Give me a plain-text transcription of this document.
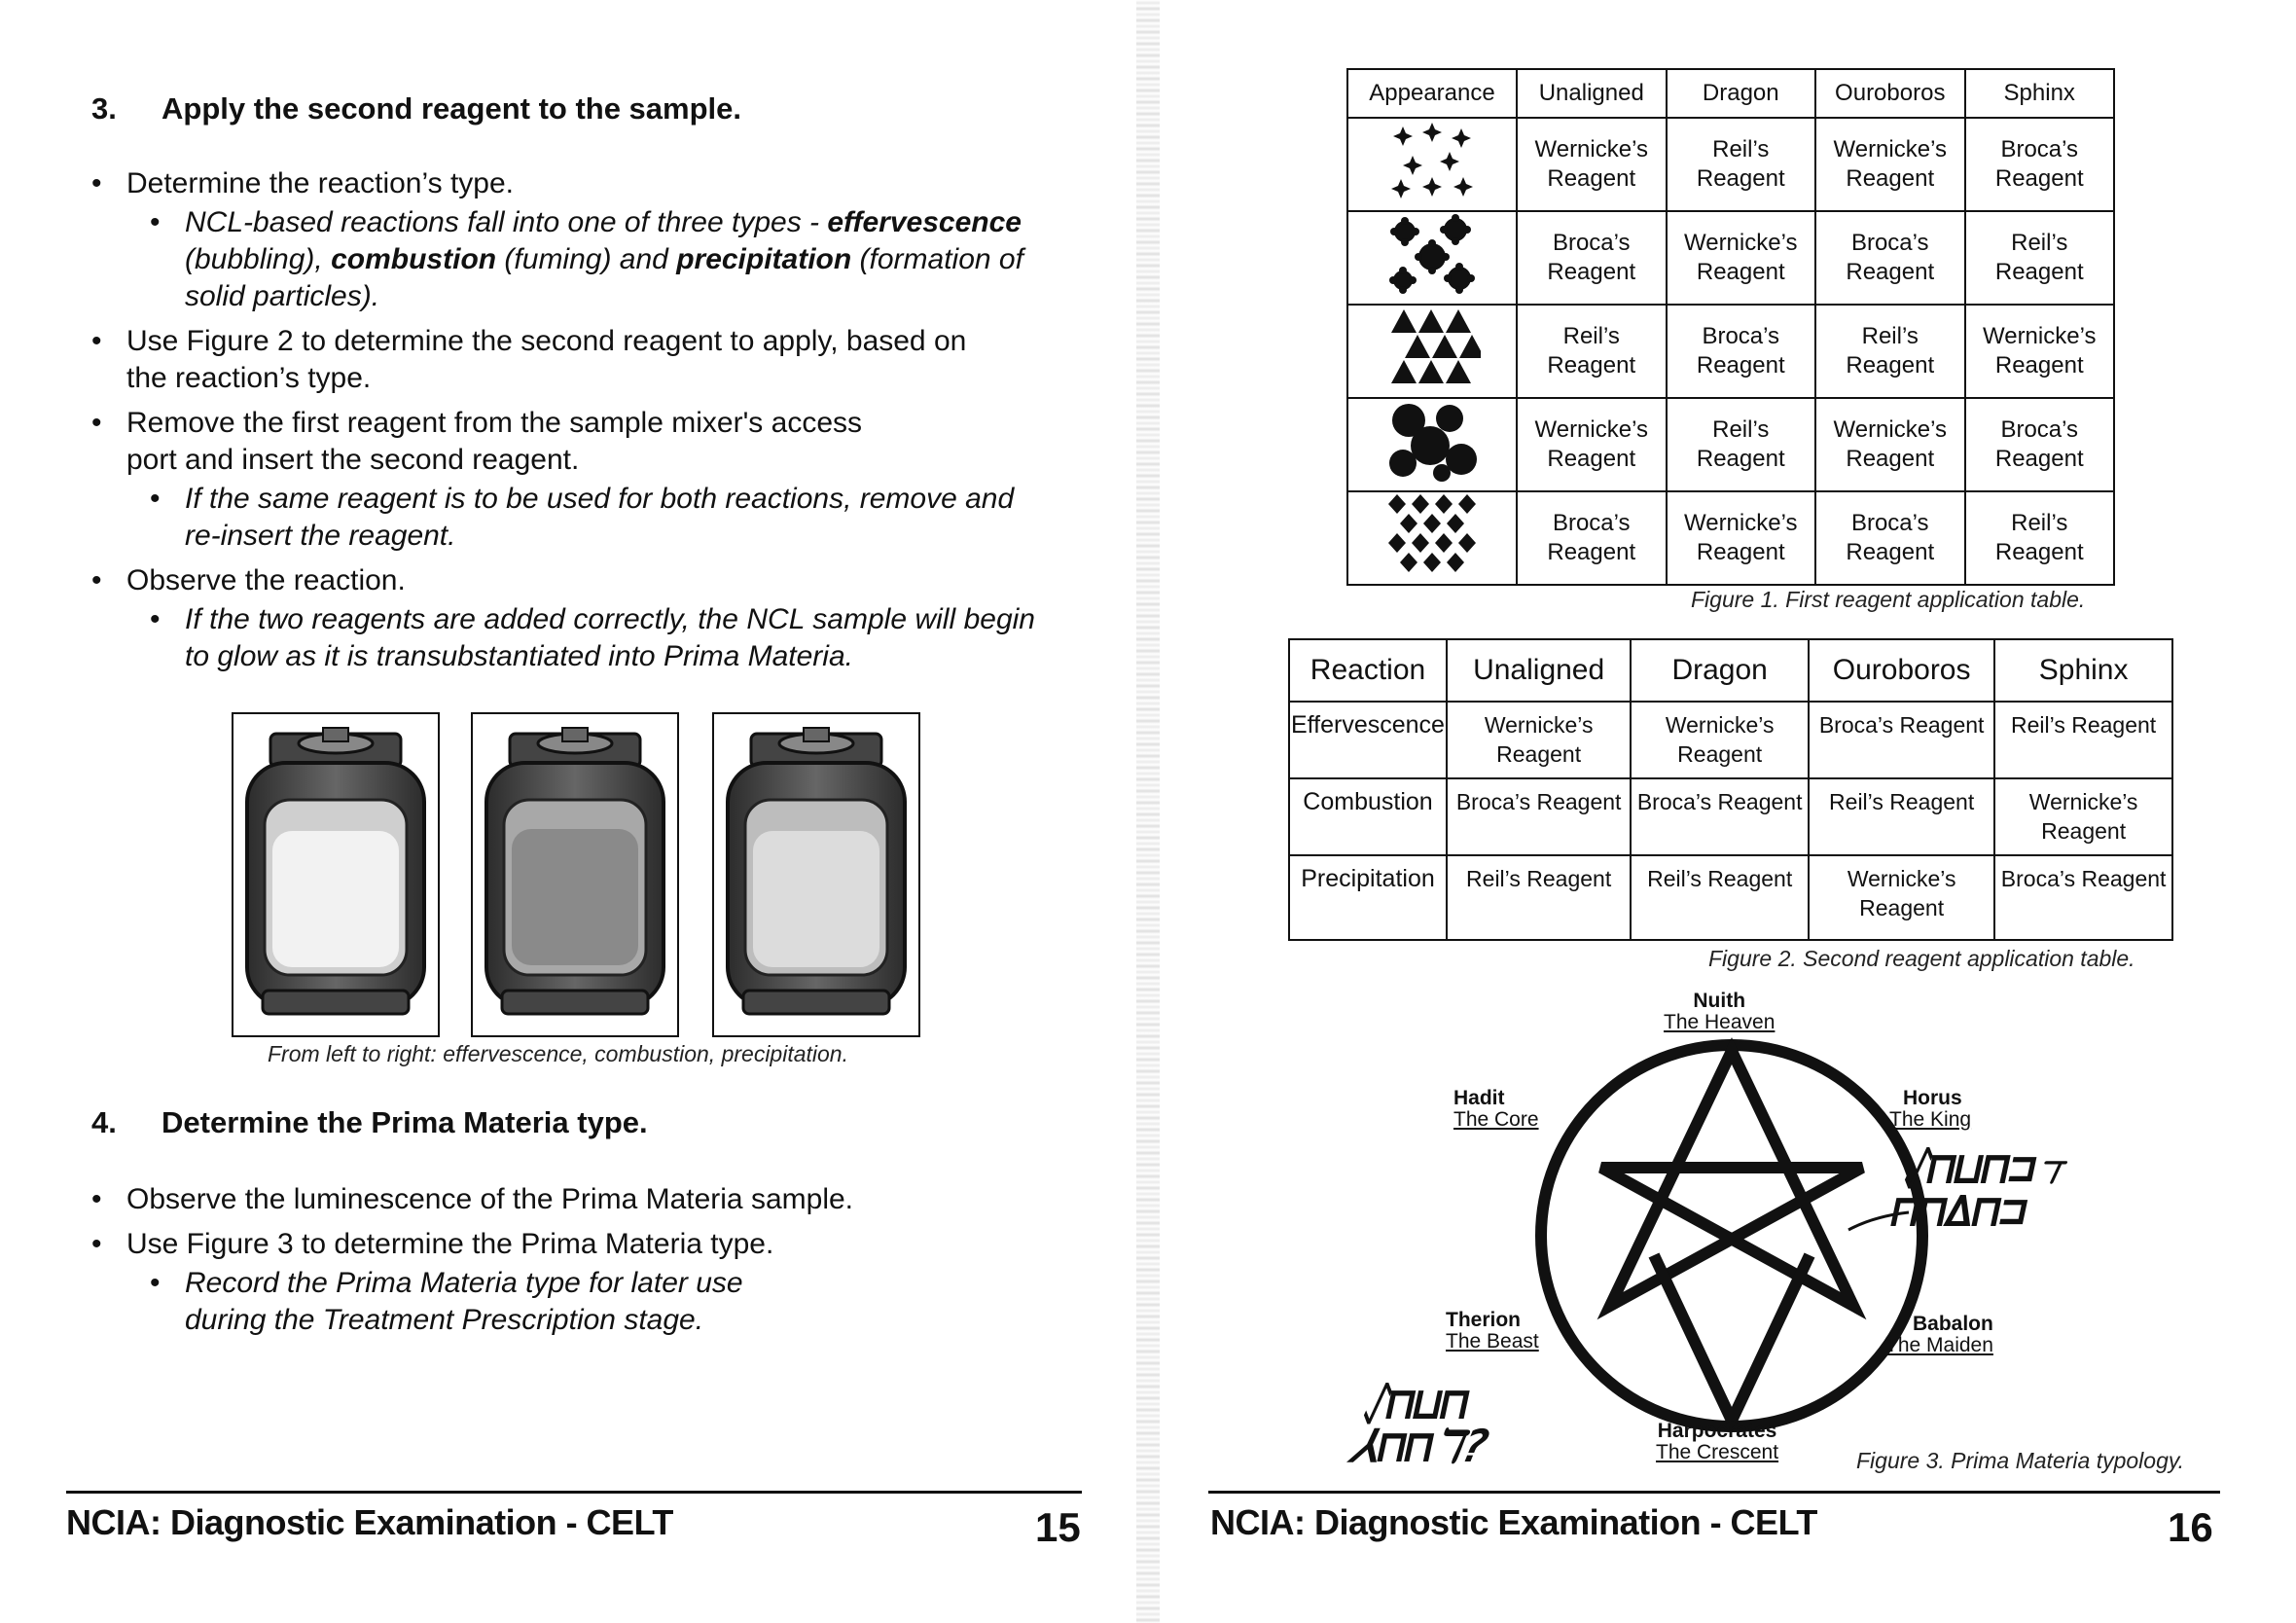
3. Apply the second reagent to the sample.
• Determine the reaction’s type.
• NCL-based reactions fall into one of three types - effervescence (bubbling), combustion (fuming) and precipitation (formation of solid particles).
• Use Figure 2 to determine the second reagent to apply, based on the reaction’s type.
• Remove the first reagent from the sample mixer's access port and insert the second reagent.
• If the same reagent is to be used for both reactions, remove and re-insert the reagent.
• Observe the reaction.
• If the two reagents are added correctly, the NCL sample will begin to glow as it is transubstantiated into Prima Materia.
From left to right: effervescence, combustion, precipitation.
4. Determine the Prima Materia type.
• Observe the luminescence of the Prima Materia sample.
• Use Figure 3 to determine the Prima Materia type.
• Record the Prima Materia type for later use during the Treatment Prescription stage.
NCIA: Diagnostic Examination - CELT	15
Appearance	Unaligned	Dragon	Ouroboros	Sphinx
	Wernicke’s Reagent	Reil’s Reagent	Wernicke’s Reagent	Broca’s Reagent
	Broca’s Reagent	Wernicke’s Reagent	Broca’s Reagent	Reil’s Reagent
	Reil’s Reagent	Broca’s Reagent	Reil’s Reagent	Wernicke’s Reagent
	Wernicke’s Reagent	Reil’s Reagent	Wernicke’s Reagent	Broca’s Reagent
	Broca’s Reagent	Wernicke’s Reagent	Broca’s Reagent	Reil’s Reagent
Figure 1. First reagent application table.
Reaction	Unaligned	Dragon	Ouroboros	Sphinx
Effervescence	Wernicke’s Reagent	Wernicke’s Reagent	Broca’s Reagent	Reil’s Reagent
Combustion	Broca’s Reagent	Broca’s Reagent	Reil’s Reagent	Wernicke’s Reagent
Precipitation	Reil’s Reagent	Reil’s Reagent	Wernicke’s Reagent	Broca’s Reagent
Figure 2. Second reagent application table.
Nuith
The Heaven
Hadit
The Core
Horus
The King
Therion
The Beast
Babalon
The Maiden
Harpocrates
The Crescent
ᛇ⊓⊔⊓⊐ℸ
⊓⊓∆⊓⊐
ᛇ⊓⊔⊓
⅄⊓⊓ℸ?	Figure 3. Prima Materia typology.
NCIA: Diagnostic Examination - CELT	16
